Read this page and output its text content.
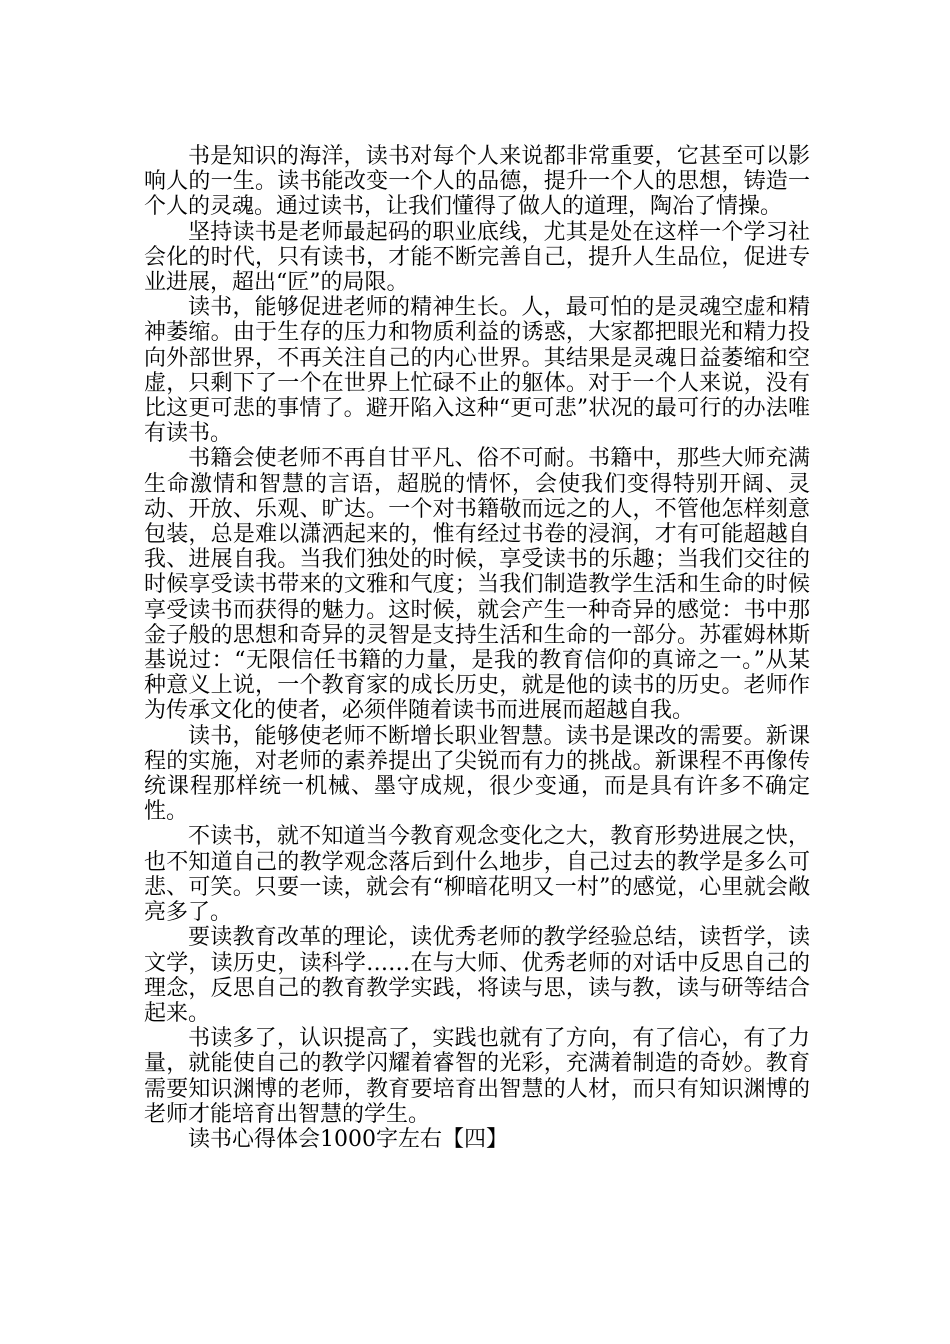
书是知识的海洋，读书对每个人来说都非常重要，它甚至可以影响人的一生。读书能改变一个人的品德，提升一个人的思想，铸造一个人的灵魂。通过读书，让我们懂得了做人的道理，陶冶了情操。

坚持读书是老师最起码的职业底线，尤其是处在这样一个学习社会化的时代，只有读书，才能不断完善自己，提升人生品位，促进专业进展，超出“匠”的局限。

读书，能够促进老师的精神生长。人，最可怕的是灵魂空虚和精神萎缩。由于生存的压力和物质利益的诱惑，大家都把眼光和精力投向外部世界，不再关注自己的内心世界。其结果是灵魂日益萎缩和空虚，只剩下了一个在世界上忙碌不止的躯体。对于一个人来说，没有比这更可悲的事情了。避开陷入这种“更可悲”状况的最可行的办法唯有读书。

书籍会使老师不再自甘平凡、俗不可耐。书籍中，那些大师充满生命激情和智慧的言语，超脱的情怀，会使我们变得特别开阔、灵动、开放、乐观、旷达。一个对书籍敬而远之的人，不管他怎样刻意包装，总是难以潇洒起来的，惟有经过书卷的浸润，才有可能超越自我、进展自我。当我们独处的时候，享受读书的乐趣；当我们交往的时候享受读书带来的文雅和气度；当我们制造教学生活和生命的时候享受读书而获得的魅力。这时候，就会产生一种奇异的感觉：书中那金子般的思想和奇异的灵智是支持生活和生命的一部分。苏霍姆林斯基说过：“无限信任书籍的力量，是我的教育信仰的真谛之一。”从某种意义上说，一个教育家的成长历史，就是他的读书的历史。老师作为传承文化的使者，必须伴随着读书而进展而超越自我。

读书，能够使老师不断增长职业智慧。读书是课改的需要。新课程的实施，对老师的素养提出了尖锐而有力的挑战。新课程不再像传统课程那样统一机械、墨守成规，很少变通，而是具有许多不确定性。

不读书，就不知道当今教育观念变化之大，教育形势进展之快，也不知道自己的教学观念落后到什么地步，自己过去的教学是多么可悲、可笑。只要一读，就会有“柳暗花明又一村”的感觉，心里就会敞亮多了。

要读教育改革的理论，读优秀老师的教学经验总结，读哲学，读文学，读历史，读科学……在与大师、优秀老师的对话中反思自己的理念，反思自己的教育教学实践，将读与思，读与教，读与研等结合起来。

书读多了，认识提高了，实践也就有了方向，有了信心，有了力量，就能使自己的教学闪耀着睿智的光彩，充满着制造的奇妙。教育需要知识渊博的老师，教育要培育出智慧的人材，而只有知识渊博的老师才能培育出智慧的学生。

读书心得体会1000字左右【四】
